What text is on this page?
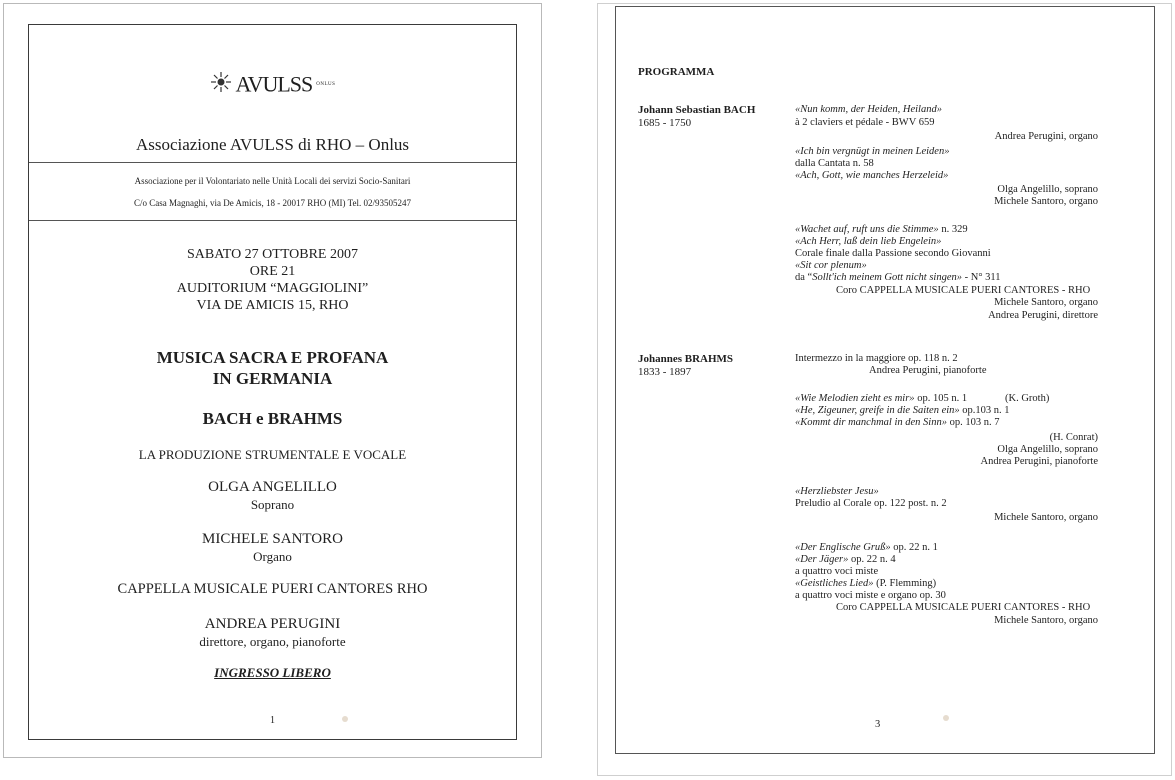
AVULSS ONLUS
Associazione AVULSS di RHO – Onlus
Associazione per il Volontariato nelle Unità Locali dei servizi Socio-Sanitari
C/o Casa Magnaghi, via De Amicis, 18 - 20017 RHO (MI) Tel. 02/93505247
SABATO 27 OTTOBRE 2007
ORE 21
AUDITORIUM “MAGGIOLINI”
VIA DE AMICIS 15, RHO
MUSICA SACRA E PROFANA
IN GERMANIA
BACH e BRAHMS
LA PRODUZIONE STRUMENTALE E VOCALE
OLGA ANGELILLO
Soprano
MICHELE SANTORO
Organo
CAPPELLA MUSICALE PUERI CANTORES RHO
ANDREA PERUGINI
direttore, organo, pianoforte
INGRESSO LIBERO
1
PROGRAMMA
Johann Sebastian BACH
1685 - 1750
«Nun komm, der Heiden, Heiland»
à 2 claviers et pédale - BWV 659
Andrea Perugini, organo
«Ich bin vergnügt in meinen Leiden»
dalla Cantata n. 58
«Ach, Gott, wie manches Herzeleid»
Olga Angelillo, soprano
Michele Santoro, organo
«Wachet auf, ruft uns die Stimme» n. 329
«Ach Herr, laß dein lieb Engelein»
Corale finale dalla Passione secondo Giovanni
«Sit cor plenum»
da “Sollt'ich meinem Gott nicht singen» - N° 311
Coro CAPPELLA MUSICALE PUERI CANTORES - RHO
Michele Santoro, organo
Andrea Perugini, direttore
Johannes BRAHMS
1833 - 1897
Intermezzo in la maggiore op. 118 n. 2
Andrea Perugini, pianoforte
«Wie Melodien zieht es mir» op. 105 n. 1	(K. Groth)
«He, Zigeuner, greife in die Saiten ein» op.103 n. 1
«Kommt dir manchmal in den Sinn» op. 103 n. 7
(H. Conrat)
Olga Angelillo, soprano
Andrea Perugini, pianoforte
«Herzliebster Jesu»
Preludio al Corale op. 122 post. n. 2
Michele Santoro, organo
«Der Englische Gruß» op. 22 n. 1
«Der Jäger» op. 22 n. 4
a quattro voci miste
«Geistliches Lied» (P. Flemming)
a quattro voci miste e organo op. 30
Coro CAPPELLA MUSICALE PUERI CANTORES - RHO
Michele Santoro, organo
3
